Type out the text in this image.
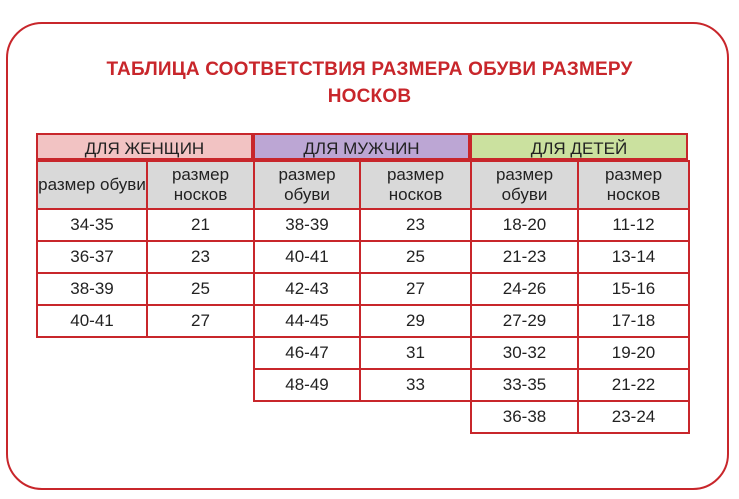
ТАБЛИЦА СООТВЕТСТВИЯ РАЗМЕРА ОБУВИ РАЗМЕРУ
НОСКОВ
ДЛЯ ЖЕНЩИН
размер обуви	размер носков
34-35	21
36-37	23
38-39	25
40-41	27
ДЛЯ МУЖЧИН
размер обуви	размер носков
38-39	23
40-41	25
42-43	27
44-45	29
46-47	31
48-49	33
ДЛЯ ДЕТЕЙ
размер обуви	размер носков
18-20	11-12
21-23	13-14
24-26	15-16
27-29	17-18
30-32	19-20
33-35	21-22
36-38	23-24
